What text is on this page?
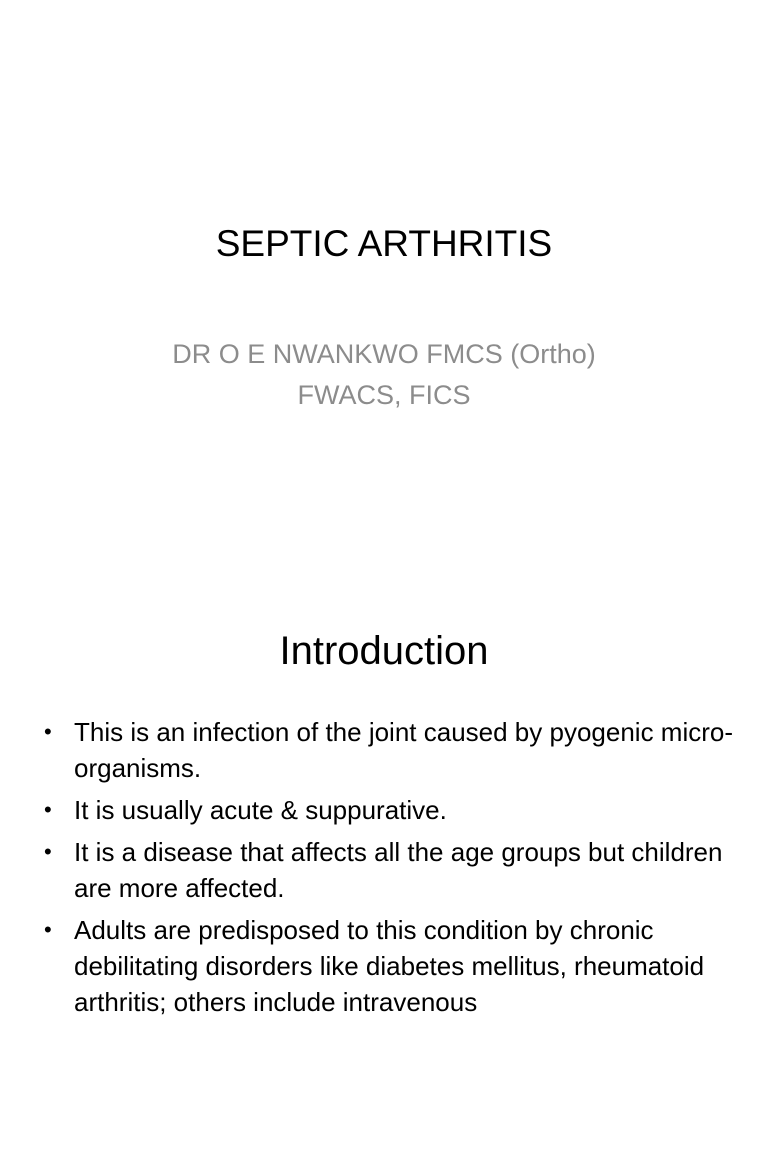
SEPTIC ARTHRITIS
DR O E NWANKWO FMCS (Ortho)
FWACS, FICS
Introduction
• This is an infection of the joint caused by pyogenic micro-organisms.
• It is usually acute & suppurative.
• It is a disease that affects all the age groups but children are more affected.
• Adults are predisposed to this condition by chronic debilitating disorders like diabetes mellitus, rheumatoid arthritis; others include intravenous
